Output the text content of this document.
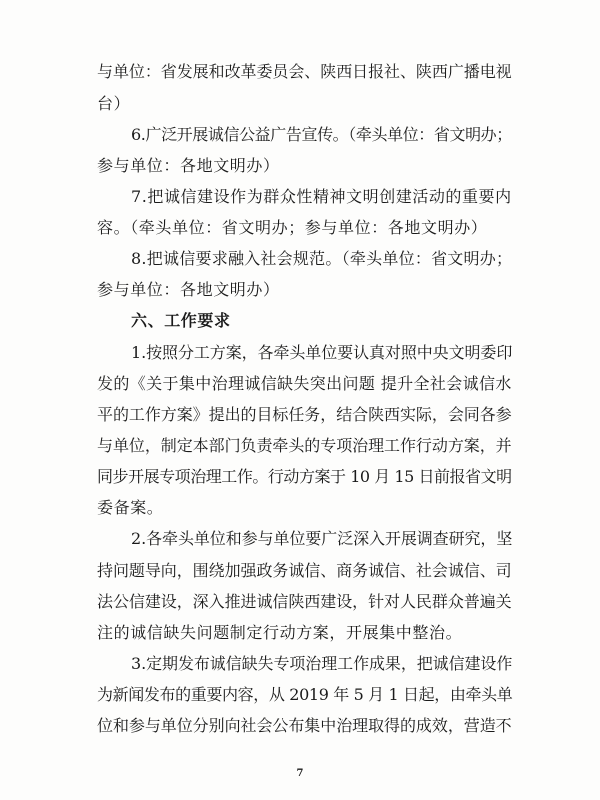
与单位：省发展和改革委员会、陕西日报社、陕西广播电视
台）
6.广泛开展诚信公益广告宣传。（牵头单位：省文明办；
参与单位：各地文明办）
7.把诚信建设作为群众性精神文明创建活动的重要内
容。（牵头单位：省文明办；参与单位：各地文明办）
8.把诚信要求融入社会规范。（牵头单位：省文明办；
参与单位：各地文明办）
六、工作要求
1.按照分工方案，各牵头单位要认真对照中央文明委印
发的《关于集中治理诚信缺失突出问题 提升全社会诚信水
平的工作方案》提出的目标任务，结合陕西实际，会同各参
与单位，制定本部门负责牵头的专项治理工作行动方案，并
同步开展专项治理工作。行动方案于 10 月 15 日前报省文明
委备案。
2.各牵头单位和参与单位要广泛深入开展调查研究，坚
持问题导向，围绕加强政务诚信、商务诚信、社会诚信、司
法公信建设，深入推进诚信陕西建设，针对人民群众普遍关
注的诚信缺失问题制定行动方案，开展集中整治。
3.定期发布诚信缺失专项治理工作成果，把诚信建设作
为新闻发布的重要内容，从 2019 年 5 月 1 日起，由牵头单
位和参与单位分别向社会公布集中治理取得的成效，营造不
7
